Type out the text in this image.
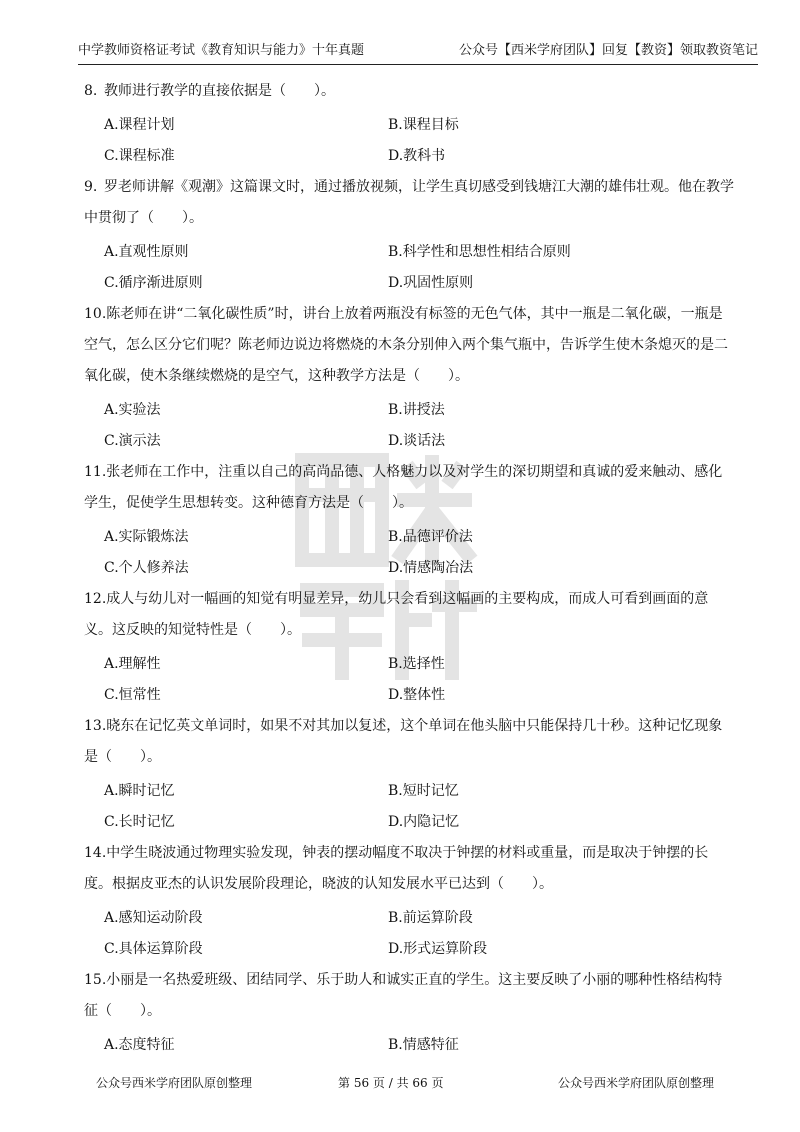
中学教师资格证考试《教育知识与能力》十年真题	公众号【西米学府团队】回复【教资】领取教资笔记

8. 教师进行教学的直接依据是（　　）。

A.课程计划	B.课程目标
C.课程标准	D.教科书

9. 罗老师讲解《观潮》这篇课文时，通过播放视频，让学生真切感受到钱塘江大潮的雄伟壮观。他在教学中贯彻了（　　）。

A.直观性原则	B.科学性和思想性相结合原则
C.循序渐进原则	D.巩固性原则

10.陈老师在讲“二氧化碳性质”时，讲台上放着两瓶没有标签的无色气体，其中一瓶是二氧化碳，一瓶是空气，怎么区分它们呢？陈老师边说边将燃烧的木条分别伸入两个集气瓶中，告诉学生使木条熄灭的是二氧化碳，使木条继续燃烧的是空气，这种教学方法是（　　）。

A.实验法	B.讲授法
C.演示法	D.谈话法

11.张老师在工作中，注重以自己的高尚品德、人格魅力以及对学生的深切期望和真诚的爱来触动、感化学生，促使学生思想转变。这种德育方法是（　　）。

A.实际锻炼法	B.品德评价法
C.个人修养法	D.情感陶冶法

12.成人与幼儿对一幅画的知觉有明显差异，幼儿只会看到这幅画的主要构成，而成人可看到画面的意义。这反映的知觉特性是（　　）。

A.理解性	B.选择性
C.恒常性	D.整体性

13.晓东在记忆英文单词时，如果不对其加以复述，这个单词在他头脑中只能保持几十秒。这种记忆现象是（　　）。

A.瞬时记忆	B.短时记忆
C.长时记忆	D.内隐记忆

14.中学生晓波通过物理实验发现，钟表的摆动幅度不取决于钟摆的材料或重量，而是取决于钟摆的长度。根据皮亚杰的认识发展阶段理论，晓波的认知发展水平已达到（　　）。

A.感知运动阶段	B.前运算阶段
C.具体运算阶段	D.形式运算阶段

15.小丽是一名热爱班级、团结同学、乐于助人和诚实正直的学生。这主要反映了小丽的哪种性格结构特征（　　）。

A.态度特征	B.情感特征
公众号西米学府团队原创整理	第 56 页 / 共 66 页	公众号西米学府团队原创整理
